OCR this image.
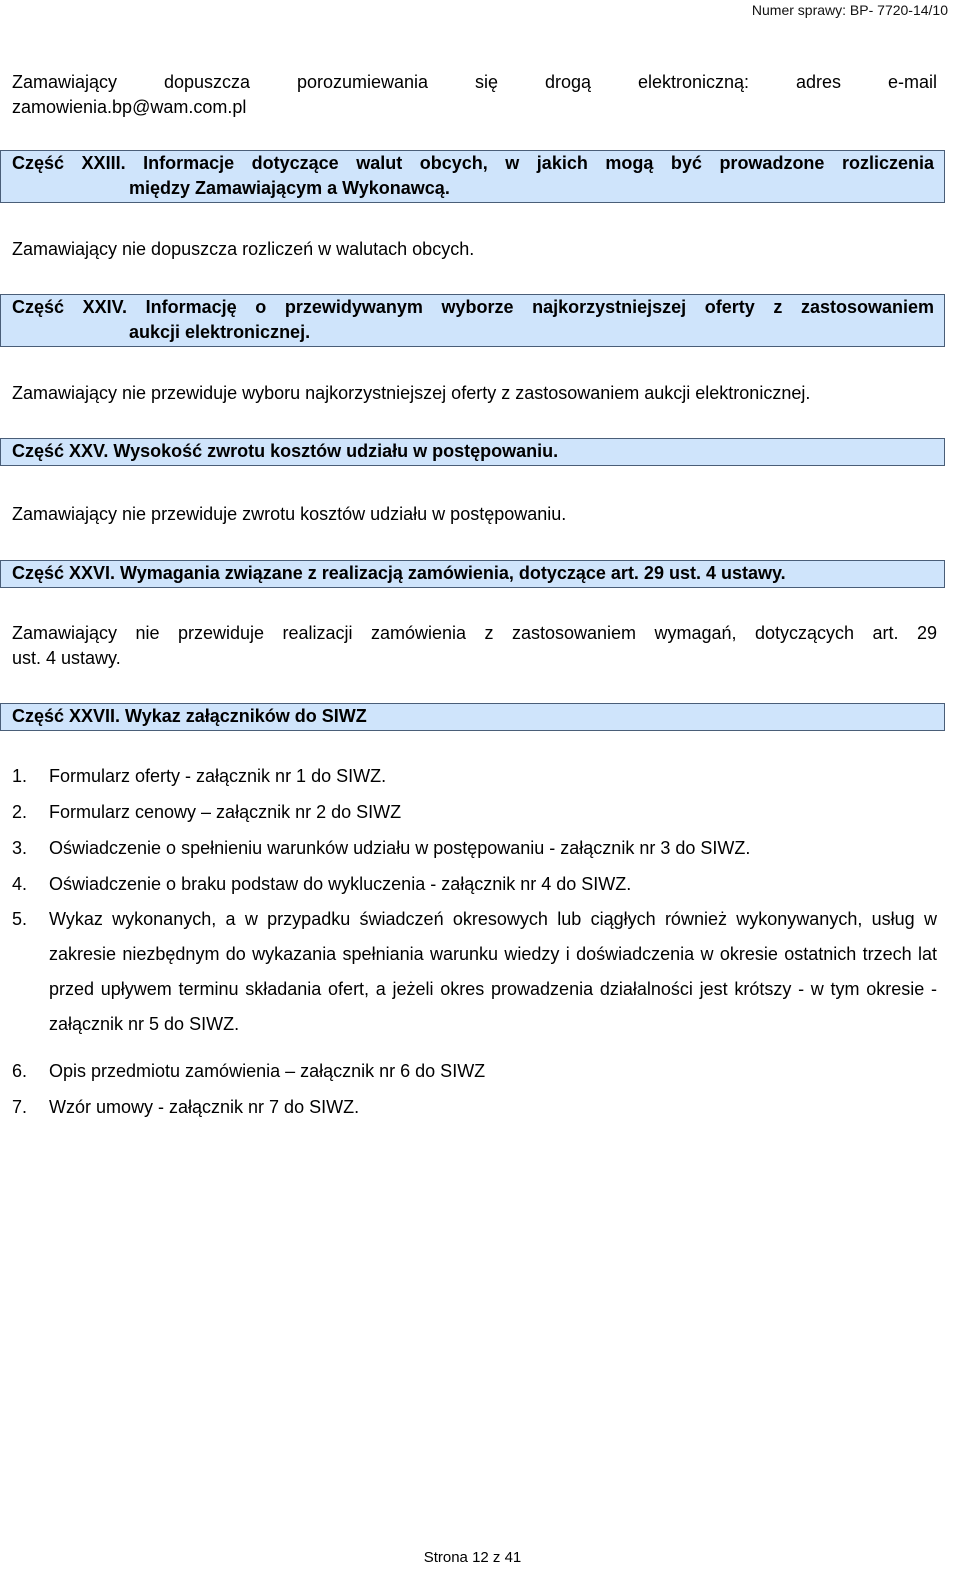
Numer sprawy: BP- 7720-14/10
Zamawiający dopuszcza porozumiewania się drogą elektroniczną: adres e-mail
zamowienia.bp@wam.com.pl
Część XXIII. Informacje dotyczące walut obcych, w jakich mogą być prowadzone rozliczenia
między Zamawiającym a Wykonawcą.
Zamawiający nie dopuszcza rozliczeń w walutach obcych.
Część XXIV. Informację o przewidywanym wyborze najkorzystniejszej oferty z zastosowaniem
aukcji elektronicznej.
Zamawiający nie przewiduje wyboru najkorzystniejszej oferty z zastosowaniem aukcji elektronicznej.
Część XXV. Wysokość zwrotu kosztów udziału w postępowaniu.
Zamawiający nie przewiduje zwrotu kosztów udziału w postępowaniu.
Część XXVI. Wymagania związane z realizacją zamówienia, dotyczące art. 29 ust. 4 ustawy.
Zamawiający nie przewiduje realizacji zamówienia z zastosowaniem wymagań, dotyczących art. 29
ust. 4 ustawy.
Część XXVII. Wykaz załączników do SIWZ
1. Formularz oferty - załącznik nr 1 do SIWZ.
2. Formularz cenowy – załącznik nr 2 do SIWZ
3. Oświadczenie o spełnieniu warunków udziału w postępowaniu - załącznik nr 3 do SIWZ.
4. Oświadczenie o braku podstaw do wykluczenia - załącznik nr 4 do SIWZ.
5. Wykaz wykonanych, a w przypadku świadczeń okresowych lub ciągłych również wykonywanych, usług w zakresie niezbędnym do wykazania spełniania warunku wiedzy i doświadczenia w okresie ostatnich trzech lat przed upływem terminu składania ofert, a jeżeli okres prowadzenia działalności jest krótszy - w tym okresie - załącznik nr 5 do SIWZ.
6. Opis przedmiotu zamówienia – załącznik nr 6 do SIWZ
7. Wzór umowy - załącznik nr 7 do SIWZ.
Strona 12 z 41
